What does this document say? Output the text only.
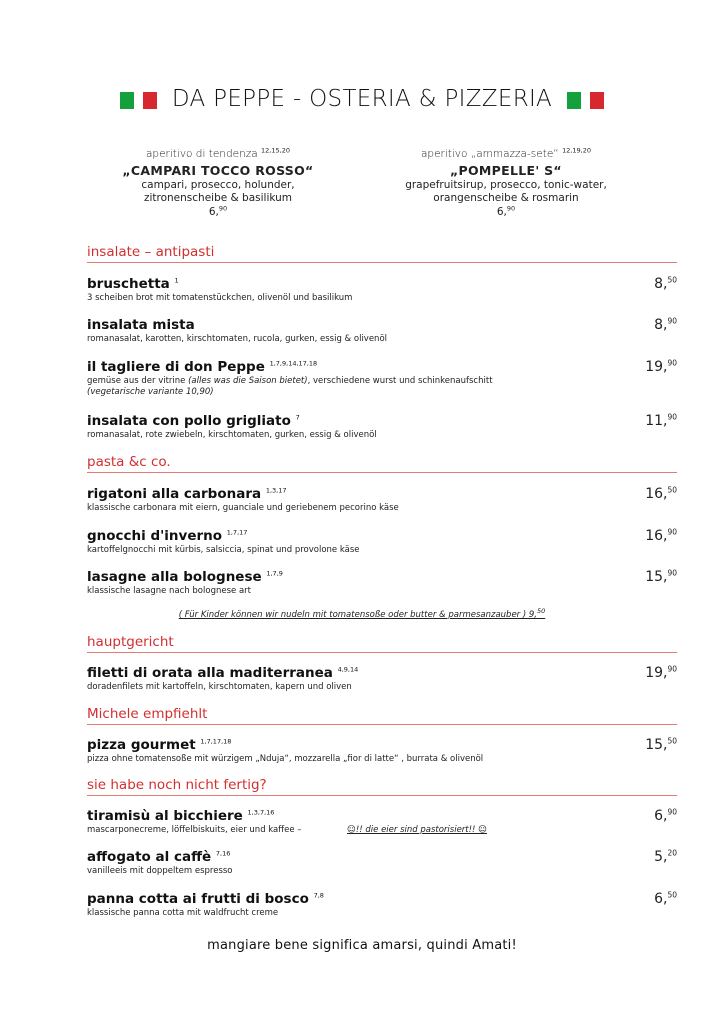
DA PEPPE - OSTERIA & PIZZERIA
aperitivo di tendenza $^{12,15,20}$
„CAMPARI TOCCO ROSSO“
campari, prosecco, holunder,
zitronenscheibe & basilikum
6,90
aperitivo „ammazza-sete“ $^{12,19,20}$
„POMPELLE' S“
grapefruitsirup, prosecco, tonic-water,
orangenscheibe & rosmarin
6,90
insalate – antipasti
bruschetta $^1$
3 scheiben brot mit tomatenstückchen, olivenöl und basilikum
8,50
insalata mista
romanasalat, karotten, kirschtomaten, rucola, gurken, essig & olivenöl
8,90
il tagliere di don Peppe $^{1,7,9,14,17,18}$
gemüse aus der vitrine (alles was die Saison bietet), verschiedene wurst und schinkenaufschitt
(vegetarische variante 10,90)
19,90
insalata con pollo grigliato $^7$
romanasalat, rote zwiebeln, kirschtomaten, gurken, essig & olivenöl
11,90
pasta &c co.
rigatoni alla carbonara $^{1,3,17}$
klassische carbonara mit eiern, guanciale und geriebenem pecorino käse
16,50
gnocchi d'inverno $^{1,7,17}$
kartoffelgnocchi mit kürbis, salsiccia, spinat und provolone käse
16,90
lasagne alla bolognese $^{1,7,9}$
klassische lasagne nach bolognese art
15,90
( Für Kinder können wir nudeln mit tomatensoße oder butter & parmesanzauber ) 9,50
hauptgericht
filetti di orata alla maditerranea $^{4,9,14}$
doradenfilets mit kartoffeln, kirschtomaten, kapern und oliven
19,90
Michele empfiehlt
pizza gourmet $^{1,7,17,18}$
pizza ohne tomatensoße mit würzigem „Nduja“, mozzarella „fior di latte“ , burrata & olivenöl
15,50
sie habe noch nicht fertig?
tiramisù al bicchiere $^{1,3,7,16}$
mascarponecreme, löffelbiskuits, eier und kaffee –
6,90
☺!! die eier sind pastorisiert!! ☺
affogato al caffè $^{7,16}$
vanilleeis mit doppeltem espresso
5,20
panna cotta ai frutti di bosco $^{7,8}$
klassische panna cotta mit waldfrucht creme
6,50
mangiare bene significa amarsi, quindi Amati!
